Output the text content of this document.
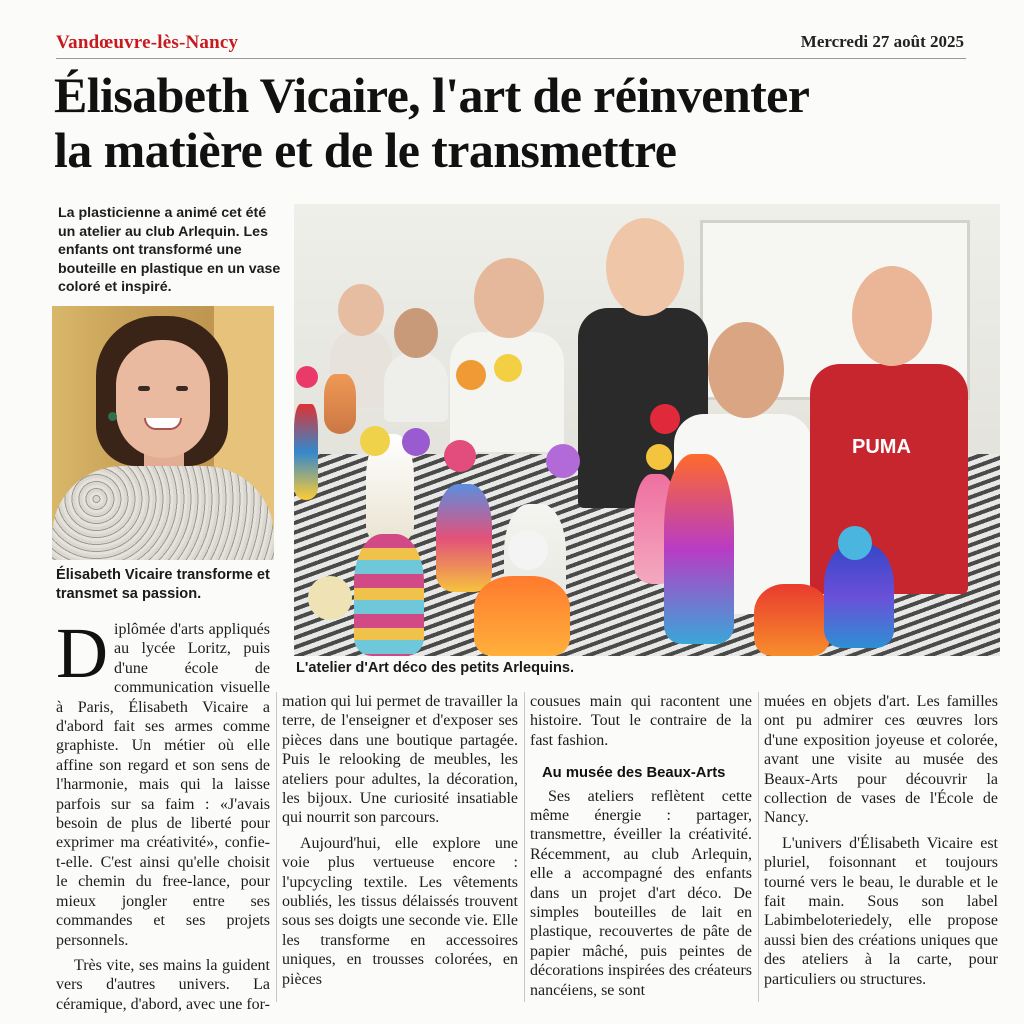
Vandœuvre-lès-Nancy	Mercredi 27 août 2025
Élisabeth Vicaire, l'art de réinventer
la matière et de le transmettre
La plasticienne a animé cet été un atelier au club Arlequin. Les enfants ont transformé une bouteille en plastique en un vase coloré et inspiré.
Élisabeth Vicaire transforme et transmet sa passion.
PUMA
L'atelier d'Art déco des petits Arlequins.

Diplômée d'arts appliqués au lycée Loritz, puis d'une école de communication visuelle à Paris, Élisabeth Vicaire a d'abord fait ses armes comme graphiste. Un métier où elle affine son regard et son sens de l'harmonie, mais qui la laisse parfois sur sa faim : «J'avais besoin de plus de liberté pour exprimer ma créativité», confie-t-elle. C'est ainsi qu'elle choisit le chemin du free-lance, pour mieux jongler entre ses commandes et ses projets personnels.

Très vite, ses mains la guident vers d'autres univers. La céramique, d'abord, avec une for-

mation qui lui permet de travailler la terre, de l'enseigner et d'exposer ses pièces dans une boutique partagée. Puis le relooking de meubles, les ateliers pour adultes, la décoration, les bijoux. Une curiosité insatiable qui nourrit son parcours.

Aujourd'hui, elle explore une voie plus vertueuse encore : l'upcycling textile. Les vêtements oubliés, les tissus délaissés trouvent sous ses doigts une seconde vie. Elle les transforme en accessoires uniques, en trousses colorées, en pièces

cousues main qui racontent une histoire. Tout le contraire de la fast fashion.

Au musée des Beaux-Arts

Ses ateliers reflètent cette même énergie : partager, transmettre, éveiller la créativité. Récemment, au club Arlequin, elle a accompagné des enfants dans un projet d'art déco. De simples bouteilles de lait en plastique, recouvertes de pâte de papier mâché, puis peintes de décorations inspirées des créateurs nancéiens, se sont

muées en objets d'art. Les familles ont pu admirer ces œuvres lors d'une exposition joyeuse et colorée, avant une visite au musée des Beaux-Arts pour découvrir la collection de vases de l'École de Nancy.

L'univers d'Élisabeth Vicaire est pluriel, foisonnant et toujours tourné vers le beau, le durable et le fait main. Sous son label Labimbeloteriedely, elle propose aussi bien des créations uniques que des ateliers à la carte, pour particuliers ou structures.
